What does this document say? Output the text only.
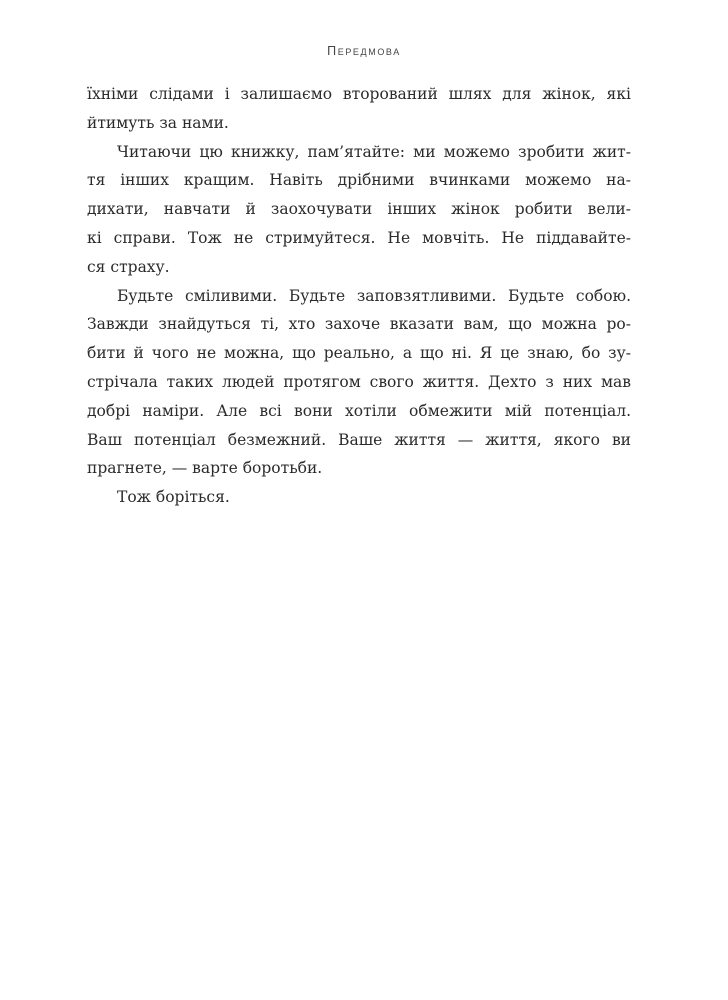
Передмова
їхніми слідами і залишаємо вторований шлях для жінок, які
йтимуть за нами.
Читаючи цю книжку, пам’ятайте: ми можемо зробити жит-
тя інших кращим. Навіть дрібними вчинками можемо на-
дихати, навчати й заохочувати інших жінок робити вели-
кі справи. Тож не стримуйтеся. Не мовчіть. Не піддавайте-
ся страху.
Будьте сміливими. Будьте заповзятливими. Будьте собою.
Завжди знайдуться ті, хто захоче вказати вам, що можна ро-
бити й чого не можна, що реально, а що ні. Я це знаю, бо зу-
стрічала таких людей протягом свого життя. Дехто з них мав
добрі наміри. Але всі вони хотіли обмежити мій потенціал.
Ваш потенціал безмежний. Ваше життя — життя, якого ви
прагнете, — варте боротьби.
Тож боріться.
